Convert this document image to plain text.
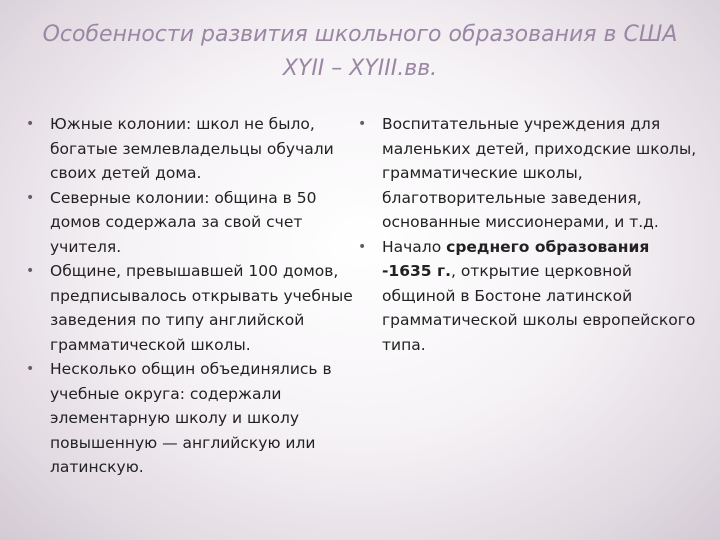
Особенности развития школьного образования в США
XYII – XYIII.вв.
• Южные колонии: школ не было, богатые землевладельцы обучали своих детей дома.
• Северные колонии: община в 50 домов содержала за свой счет учителя.
• Общине, превышавшей 100 домов, предписывалось открывать учебные заведения по типу английской грамматической школы.
• Несколько общин объединялись в учебные округа: содержали элементарную школу и школу повышенную — английскую или латинскую.
• Воспитательные учреждения для маленьких детей, приходские школы, грамматические школы, благотворительные заведения, основанные миссионерами, и т.д.
• Начало среднего образования -1635 г., открытие церковной общиной в Бостоне латинской грамматической школы европейского типа.
